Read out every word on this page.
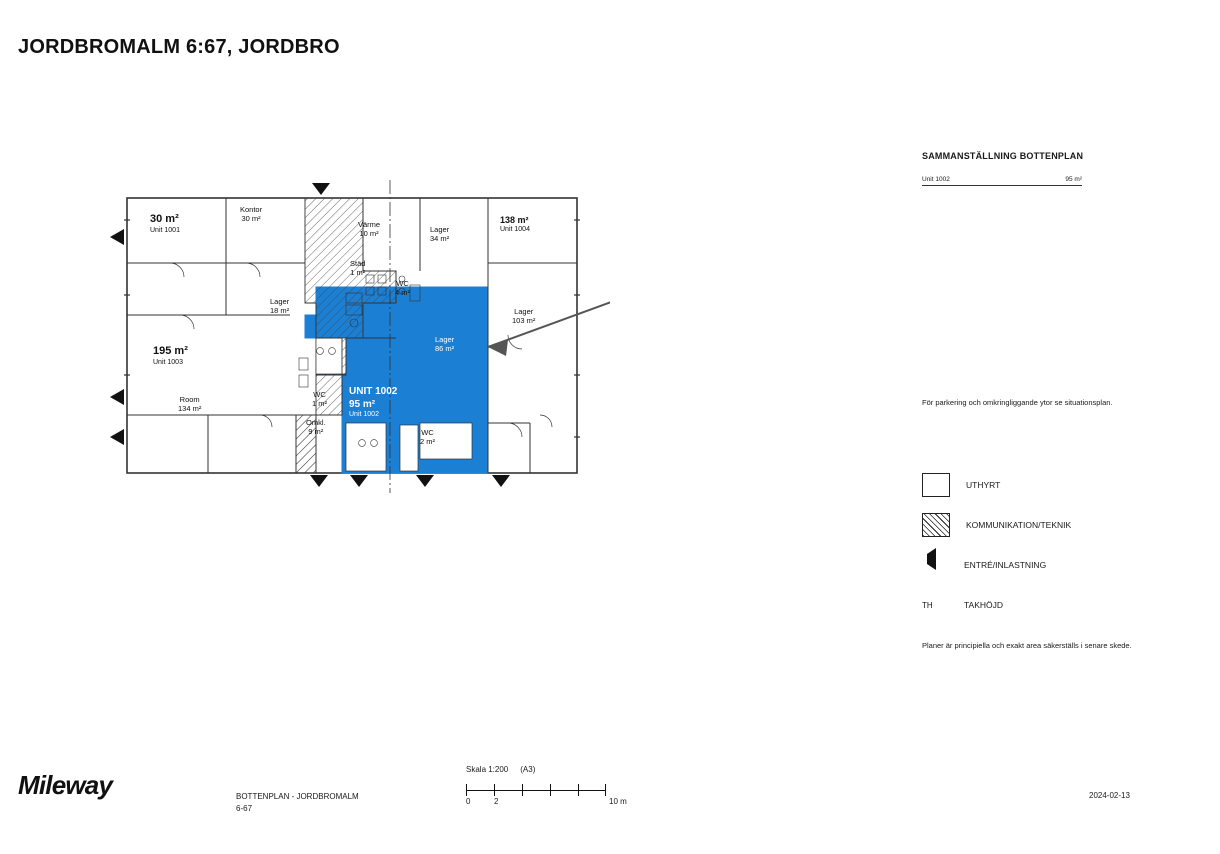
JORDBROMALM 6:67, JORDBRO
30 m²
Unit 1001
Kontor
30 m²
Värme
10 m²	Lager
34 m²
138 m²
Unit 1004
Lager
18 m²
Städ
1 m²
WC
4 m²
Lager
103 m²
Lager
86 m²
195 m²
Unit 1003
Room
134 m²
WC
1 m²
Omkl.
9 m²	WC
2 m²
UNIT 1002
95 m²
Unit 1002
SAMMANSTÄLLNING BOTTENPLAN
Unit 1002	95 m²
För parkering och omkringliggande ytor se situationsplan.
UTHYRT
KOMMUNIKATION/TEKNIK
ENTRÉ/INLASTNING
TH	TAKHÖJD
Planer är principiella och exakt area säkerställs i senare skede.
Mileway	BOTTENPLAN - JORDBROMALM
6-67
Skala 1:200 (A3)
0	2	10 m
2024-02-13
